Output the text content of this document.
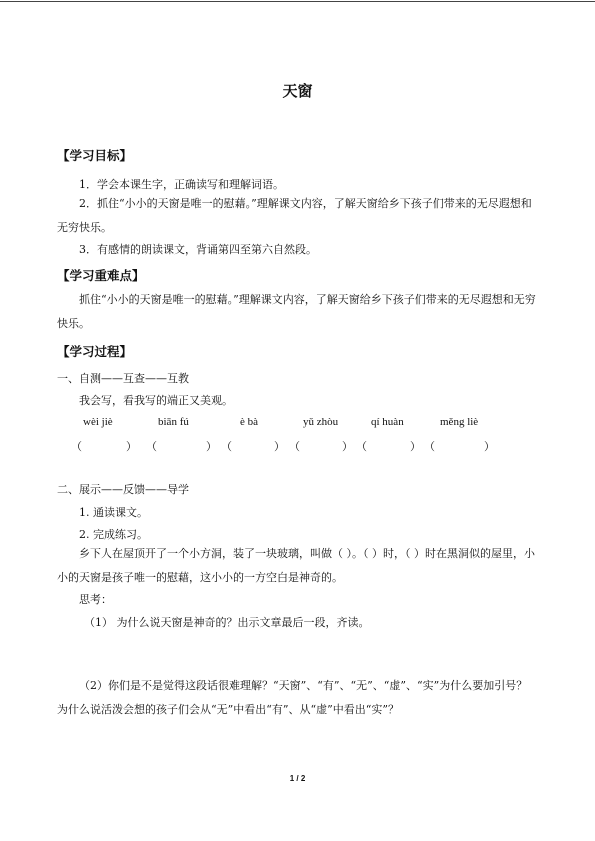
天窗
【学习目标】
1．学会本课生字，正确读写和理解词语。
2．抓住“小小的天窗是唯一的慰藉。”理解课文内容，了解天窗给乡下孩子们带来的无尽遐想和无穷快乐。
3．有感情的朗读课文，背诵第四至第六自然段。
【学习重难点】
抓住“小小的天窗是唯一的慰藉。”理解课文内容，了解天窗给乡下孩子们带来的无尽遐想和无穷快乐。
【学习过程】
一、自测——互查——互教
我会写，看我写的端正又美观。
wèi jiè	biān fú	è bà	yǔ zhòu	qí huàn	měng liè
（	） （	） （	） （	） （	） （	）
二、展示——反馈——导学
1. 通读课文。
2. 完成练习。
乡下人在屋顶开了一个小方洞，装了一块玻璃，叫做（ ）。（ ）时，（ ）时在黑洞似的屋里，小小的天窗是孩子唯一的慰藉，这小小的一方空白是神奇的。
思考：
（1） 为什么说天窗是神奇的？出示文章最后一段，齐读。
（2）你们是不是觉得这段话很难理解？“天窗”、“有”、“无”、“虚”、“实”为什么要加引号？为什么说活泼会想的孩子们会从“无”中看出“有”、从“虚”中看出“实”？
1 / 2
